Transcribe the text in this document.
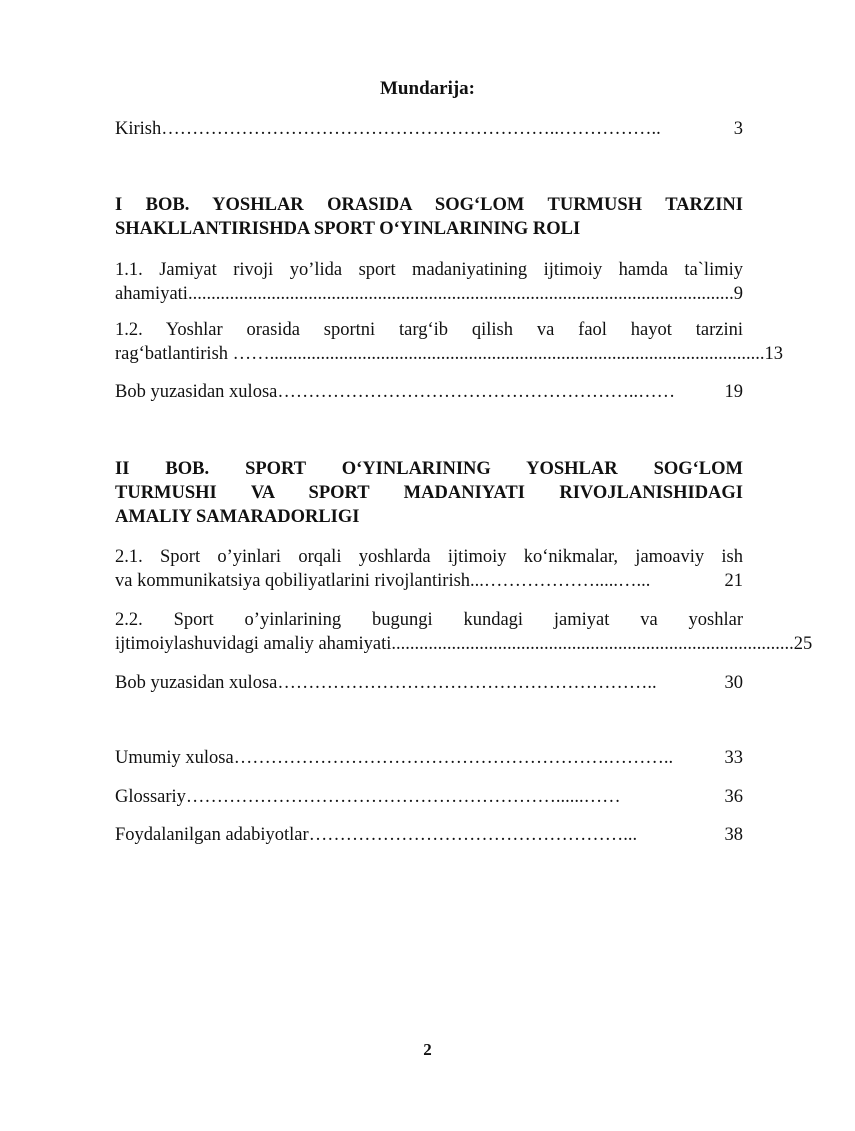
Mundarija:
Kirish ………………………………………………………..……………..	3
I BOB. YOSHLAR ORASIDA SOG‘LOM TURMUSH TARZINI
SHAKLLANTIRISHDA SPORT O‘YINLARINING ROLI
1.1. Jamiyat rivoji yo’lida sport madaniyatining ijtimoiy hamda ta`limiy
ahamiyati ...................................................................................................................... 9
1.2. Yoshlar orasida sportni targ‘ib qilish va faol hayot tarzini
rag‘batlantirish …… ........................................................................................................... 13
Bob yuzasidan xulosa …………………………………………………..……	19
II BOB. SPORT O‘YINLARINING YOSHLAR SOG‘LOM
TURMUSHI VA SPORT MADANIYATI RIVOJLANISHIDAGI
AMALIY SAMARADORLIGI
2.1. Sport o’yinlari orqali yoshlarda ijtimoiy ko‘nikmalar, jamoaviy ish
va kommunikatsiya qobiliyatlarini rivojlantirish... ……………….....…...	21
2.2. Sport o’yinlarining bugungi kundagi jamiyat va yoshlar
ijtimoiylashuvidagi amaliy ahamiyati ....................................................................................... 25
Bob yuzasidan xulosa ……………………………………………………..	30
Umumiy xulosa …………………………………………………….………..	33
Glossariy ……………………………………………………......……	36
Foydalanilgan adabiyotlar ……………………………………………...	38
2
